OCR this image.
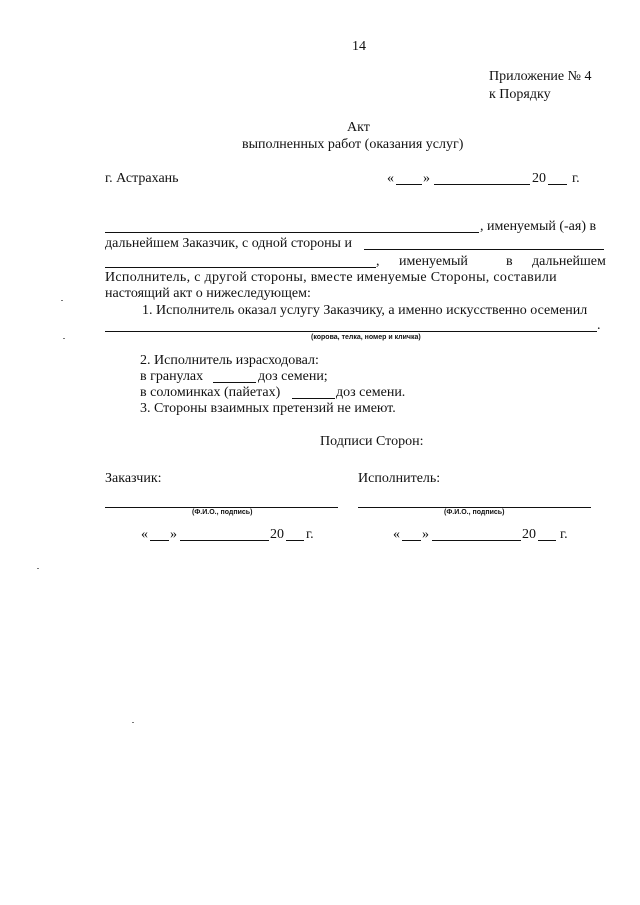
14
Приложение № 4
к Порядку
Акт
выполненных работ (оказания услуг)
г. Астрахань	« »	20 г.
, именуемый (-ая) в
дальнейшем Заказчик, с одной стороны и
, именуемый	в дальнейшем
Исполнитель, с другой стороны, вместе именуемые Стороны, составили
настоящий акт о нижеследующем:
1. Исполнитель оказал услугу Заказчику, а именно искусственно осеменил
.
(корова, телка, номер и кличка)
2. Исполнитель израсходовал:
в гранулах	доз семени;
в соломинках (пайетах)	доз семени.
3. Стороны взаимных претензий не имеют.
Подписи Сторон:
Заказчик:	Исполнитель:
(Ф.И.О., подпись)	(Ф.И.О., подпись)
« »	20 г.	« »	20 г.
